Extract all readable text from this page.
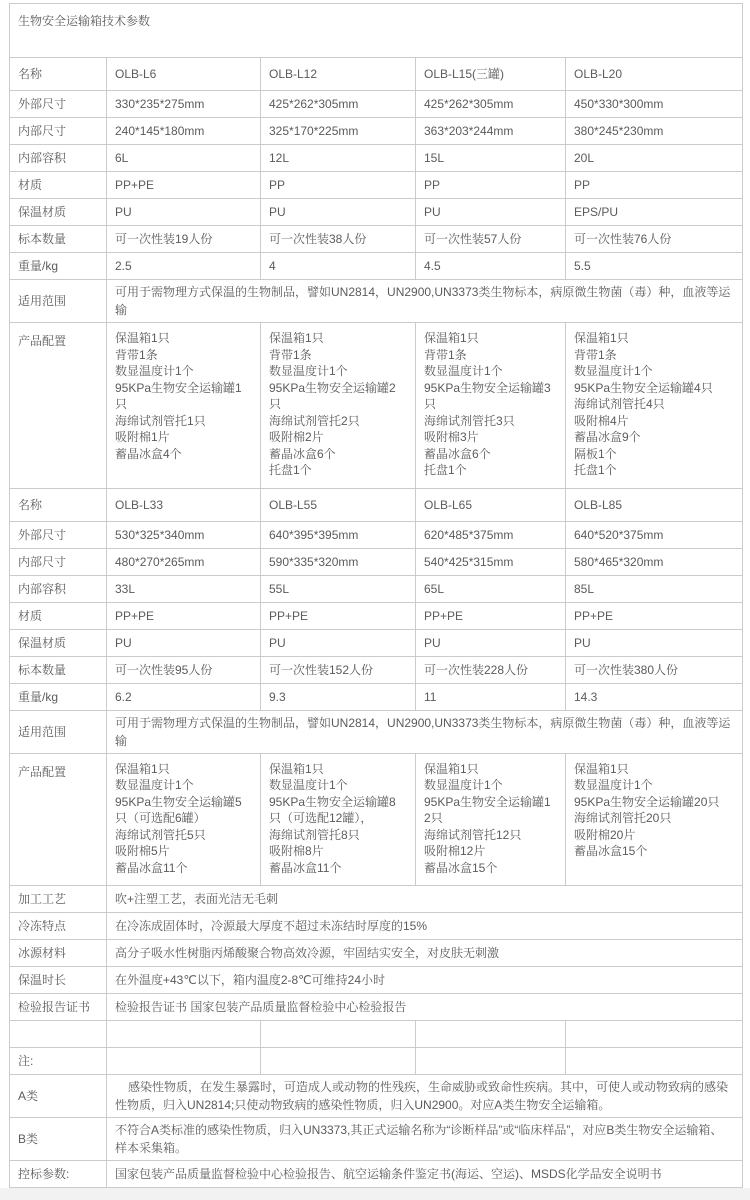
生物安全运输箱技术参数				
名称	OLB-L6	OLB-L12	OLB-L15(三罐)	OLB-L20
外部尺寸	330*235*275mm	425*262*305mm	425*262*305mm	450*330*300mm
内部尺寸	240*145*180mm	325*170*225mm	363*203*244mm	380*245*230mm
内部容积	6L	12L	15L	20L
材质	PP+PE	PP	PP	PP
保温材质	PU	PU	PU	EPS/PU
标本数量	可一次性装19人份	可一次性装38人份	可一次性装57人份	可一次性装76人份
重量/kg	2.5	4	4.5	5.5
适用范围	可用于需物理方式保温的生物制品，譬如UN2814，UN2900,UN3373类生物标本，病原微生物菌（毒）种，血液等运输			
产品配置	保温箱1只
背带1条
数显温度计1个
95KPa生物安全运输罐1只
海绵试剂管托1只
吸附棉1片
蓄晶冰盒4个

保温箱1只
背带1条
数显温度计1个
95KPa生物安全运输罐2只
海绵试剂管托2只
吸附棉2片
蓄晶冰盒6个
托盘1个

保温箱1只
背带1条
数显温度计1个
95KPa生物安全运输罐3只
海绵试剂管托3只
吸附棉3片
蓄晶冰盒6个
托盘1个

保温箱1只
背带1条
数显温度计1个
95KPa生物安全运输罐4只
海绵试剂管托4只
吸附棉4片
蓄晶冰盒9个
隔板1个
托盘1个

名称	OLB-L33	OLB-L55	OLB-L65	OLB-L85
外部尺寸	530*325*340mm	640*395*395mm	620*485*375mm	640*520*375mm
内部尺寸	480*270*265mm	590*335*320mm	540*425*315mm	580*465*320mm
内部容积	33L	55L	65L	85L
材质	PP+PE	PP+PE	PP+PE	PP+PE
保温材质	PU	PU	PU	PU
标本数量	可一次性装95人份	可一次性装152人份	可一次性装228人份	可一次性装380人份
重量/kg	6.2	9.3	11	14.3
适用范围	可用于需物理方式保温的生物制品，譬如UN2814，UN2900,UN3373类生物标本，病原微生物菌（毒）种，血液等运输			
产品配置	保温箱1只
数显温度计1个
95KPa生物安全运输罐5只（可选配6罐）
海绵试剂管托5只
吸附棉5片
蓄晶冰盒11个

保温箱1只
数显温度计1个
95KPa生物安全运输罐8只（可选配12罐），
海绵试剂管托8只
吸附棉8片
蓄晶冰盒11个

保温箱1只
数显温度计1个
95KPa生物安全运输罐12只
海绵试剂管托12只
吸附棉12片
蓄晶冰盒15个

保温箱1只
数显温度计1个
95KPa生物安全运输罐20只
海绵试剂管托20只
吸附棉20片
蓄晶冰盒15个

加工工艺	吹+注塑工艺，表面光洁无毛刺			
冷冻特点	在冷冻成固体时，冷源最大厚度不超过未冻结时厚度的15%			
冰源材料	高分子吸水性树脂丙烯酸聚合物高效冷源，牢固结实安全，对皮肤无刺激			
保温时长	在外温度+43℃以下，箱内温度2-8℃可维持24小时			
检验报告证书	检验报告证书 国家包装产品质量监督检验中心检验报告			

注:				
A类	感染性物质，在发生暴露时，可造成人或动物的性残疾，生命威胁或致命性疾病。其中，可使人或动物致病的感染性物质，归入UN2814;只使动物致病的感染性物质，归入UN2900。对应A类生物安全运输箱。			
B类	不符合A类标准的感染性物质，归入UN3373,其正式运输名称为“诊断样品”或“临床样品”，对应B类生物安全运输箱、样本采集箱。			
控标参数:	国家包装产品质量监督检验中心检验报告、航空运输条件鉴定书(海运、空运)、MSDS化学品安全说明书			
